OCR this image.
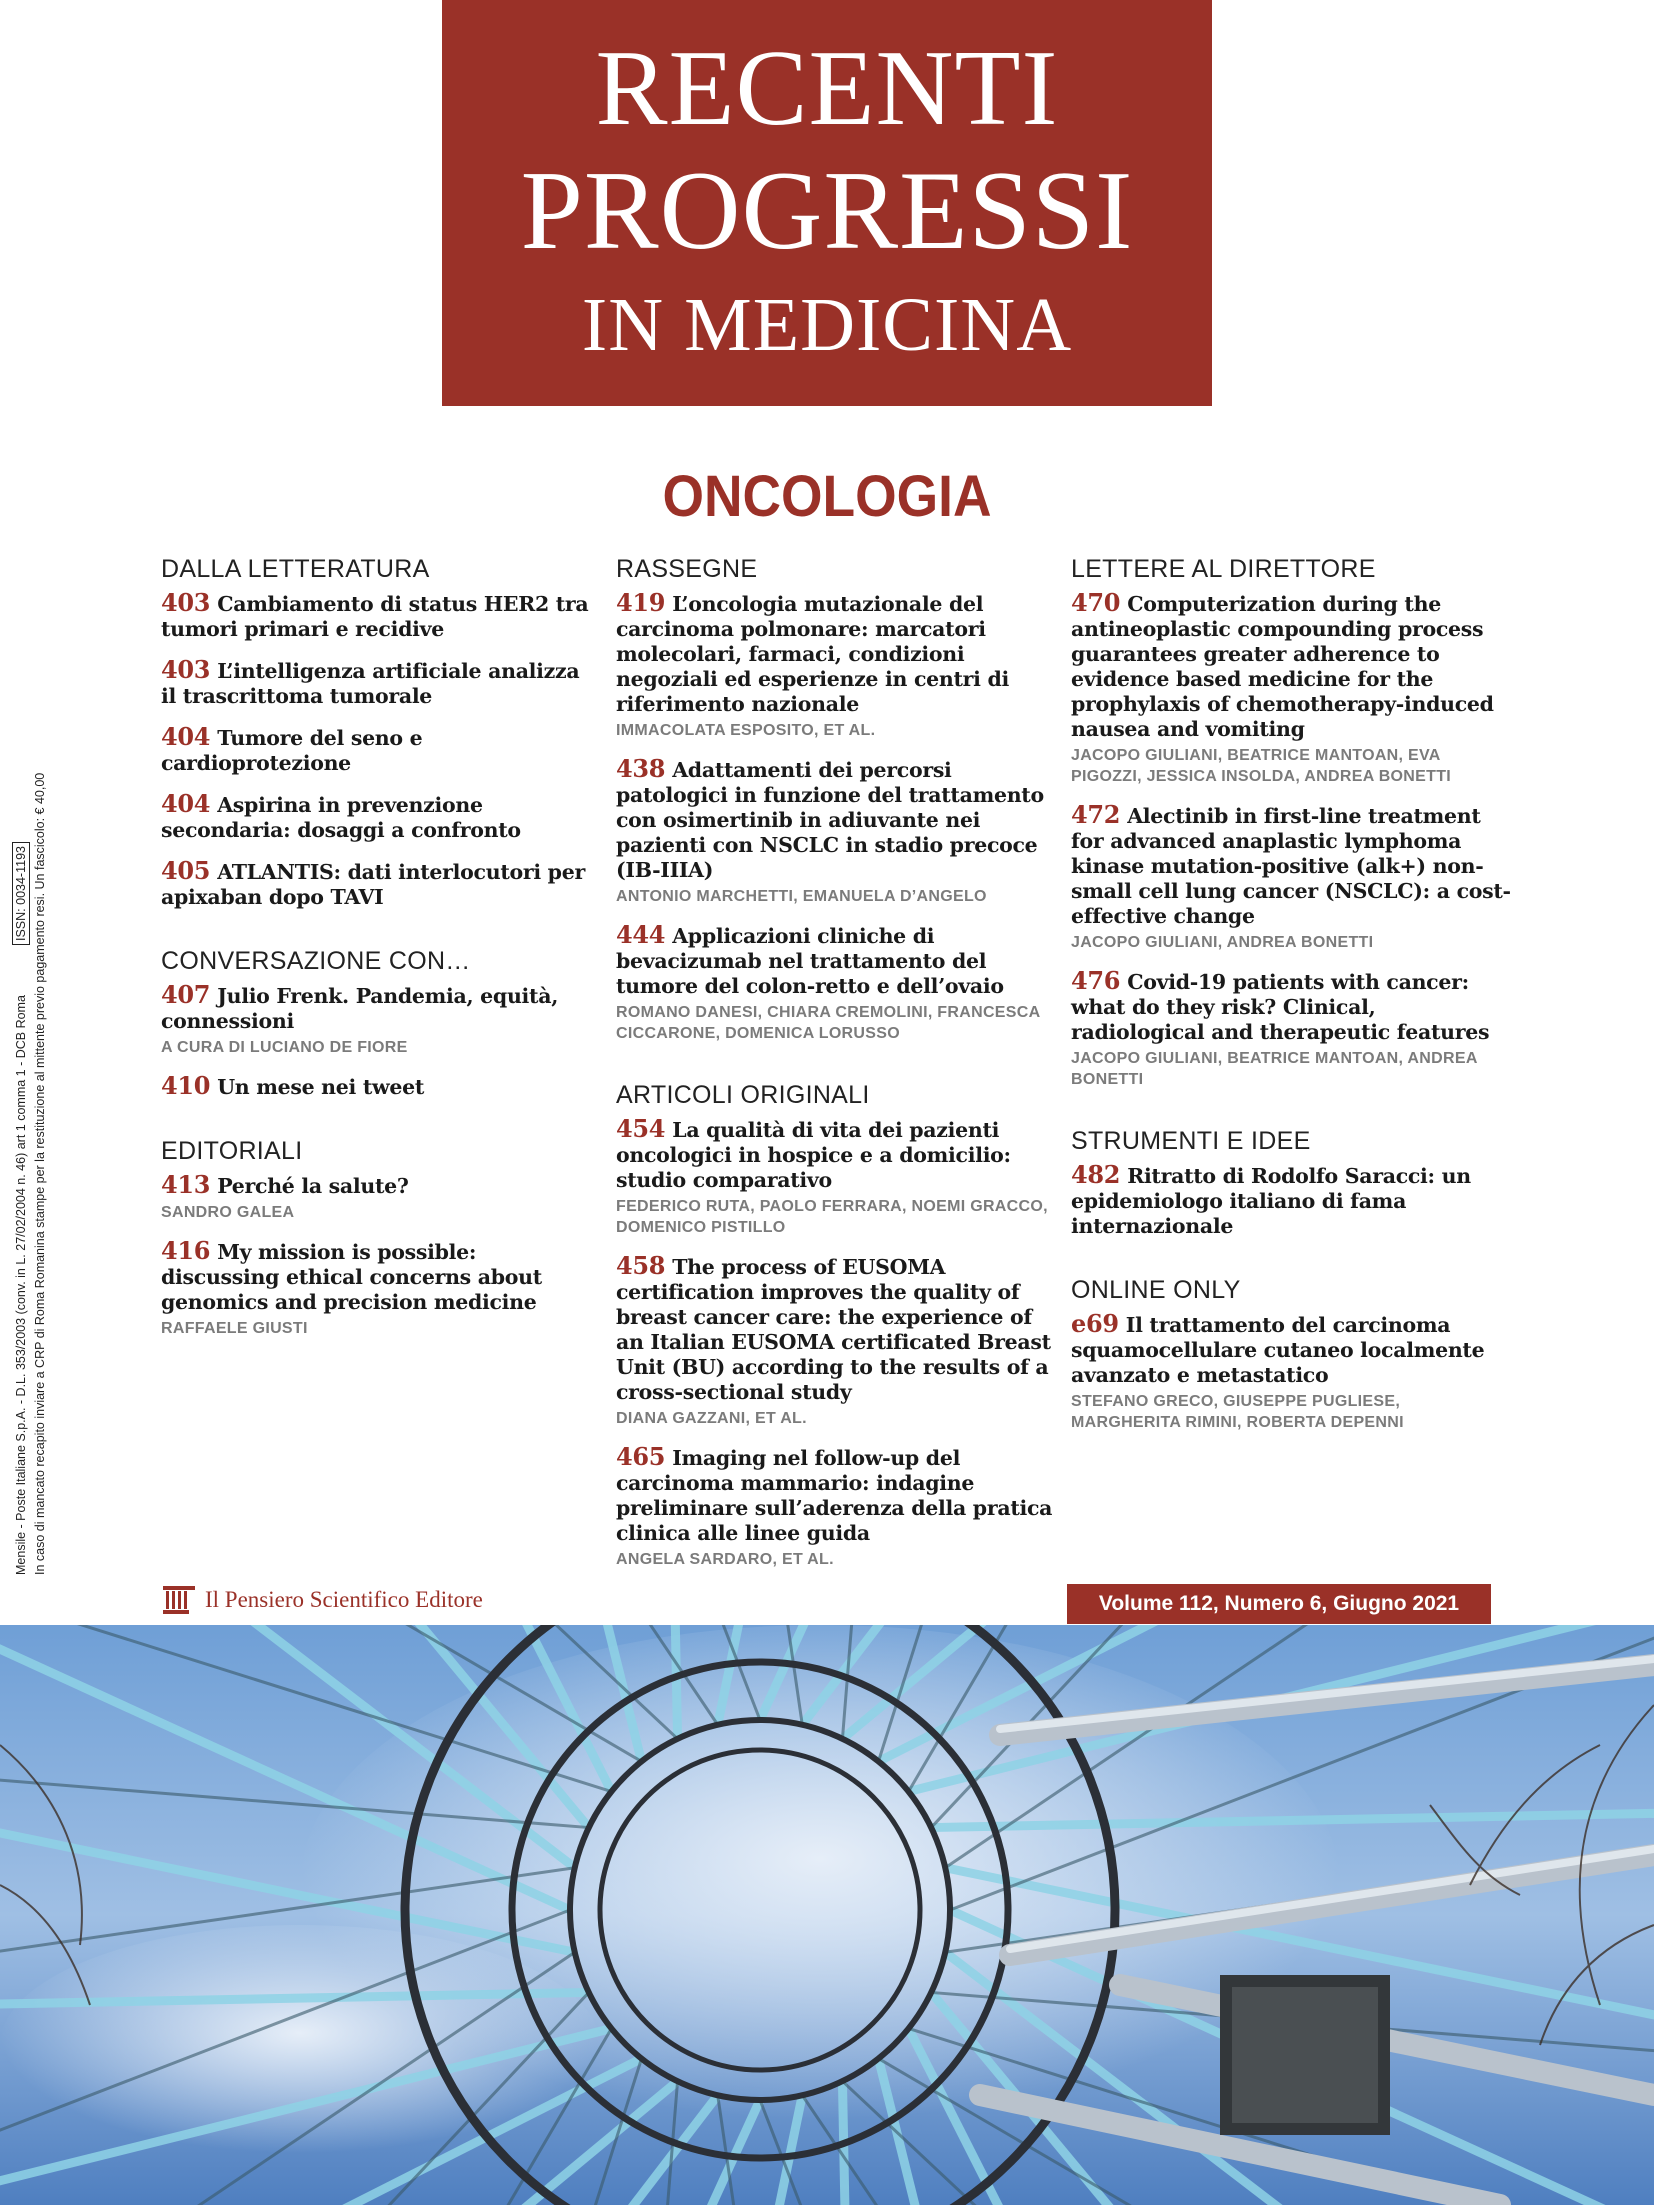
RECENTI
PROGRESSI
IN MEDICINA
ONCOLOGIA
DALLA LETTERATURA
403 Cambiamento di status HER2 tra tumori primari e recidive
403 L’intelligenza artificiale analizza il trascrittoma tumorale
404 Tumore del seno e cardioprotezione
404 Aspirina in prevenzione secondaria: dosaggi a confronto
405 ATLANTIS: dati interlocutori per apixaban dopo TAVI
CONVERSAZIONE CON…
407 Julio Frenk. Pandemia, equità, connessioni
A CURA DI LUCIANO DE FIORE
410 Un mese nei tweet
EDITORIALI
413 Perché la salute?
SANDRO GALEA
416 My mission is possible: discussing ethical concerns about genomics and precision medicine
RAFFAELE GIUSTI
RASSEGNE
419 L’oncologia mutazionale del carcinoma polmonare: marcatori molecolari, farmaci, condizioni negoziali ed esperienze in centri di riferimento nazionale
IMMACOLATA ESPOSITO, ET AL.
438 Adattamenti dei percorsi patologici in funzione del trattamento con osimertinib in adiuvante nei pazienti con NSCLC in stadio precoce (IB-IIIA)
ANTONIO MARCHETTI, EMANUELA D’ANGELO
444 Applicazioni cliniche di bevacizumab nel trattamento del tumore del colon-retto e dell’ovaio
ROMANO DANESI, CHIARA CREMOLINI, FRANCESCA CICCARONE, DOMENICA LORUSSO
ARTICOLI ORIGINALI
454 La qualità di vita dei pazienti oncologici in hospice e a domicilio: studio comparativo
FEDERICO RUTA, PAOLO FERRARA, NOEMI GRACCO, DOMENICO PISTILLO
458 The process of EUSOMA certification improves the quality of breast cancer care: the experience of an Italian EUSOMA certificated Breast Unit (BU) according to the results of a cross-sectional study
DIANA GAZZANI, ET AL.
465 Imaging nel follow-up del carcinoma mammario: indagine preliminare sull’aderenza della pratica clinica alle linee guida
ANGELA SARDARO, ET AL.
LETTERE AL DIRETTORE
470 Computerization during the antineoplastic compounding process guarantees greater adherence to evidence based medicine for the prophylaxis of chemotherapy-induced nausea and vomiting
JACOPO GIULIANI, BEATRICE MANTOAN, EVA PIGOZZI, JESSICA INSOLDA, ANDREA BONETTI
472 Alectinib in first-line treatment for advanced anaplastic lymphoma kinase mutation-positive (alk+) non-small cell lung cancer (NSCLC): a cost-effective change
JACOPO GIULIANI, ANDREA BONETTI
476 Covid-19 patients with cancer: what do they risk? Clinical, radiological and therapeutic features
JACOPO GIULIANI, BEATRICE MANTOAN, ANDREA BONETTI
STRUMENTI E IDEE
482 Ritratto di Rodolfo Saracci: un epidemiologo italiano di fama internazionale
ONLINE ONLY
e69 Il trattamento del carcinoma squamocellulare cutaneo localmente avanzato e metastatico
STEFANO GRECO, GIUSEPPE PUGLIESE, MARGHERITA RIMINI, ROBERTA DEPENNI
Mensile - Poste Italiane S.p.A. - D.L. 353/2003 (conv. in L. 27/02/2004 n. 46) art 1 comma 1 - DCB Roma In caso di mancato recapito inviare a CRP di Roma Romanina stampe per la restituzione al mittente previo pagamento resi. Un fascicolo: € 40,00
ISSN: 0034-1193
Il Pensiero Scientifico Editore	Volume 112, Numero 6, Giugno 2021
